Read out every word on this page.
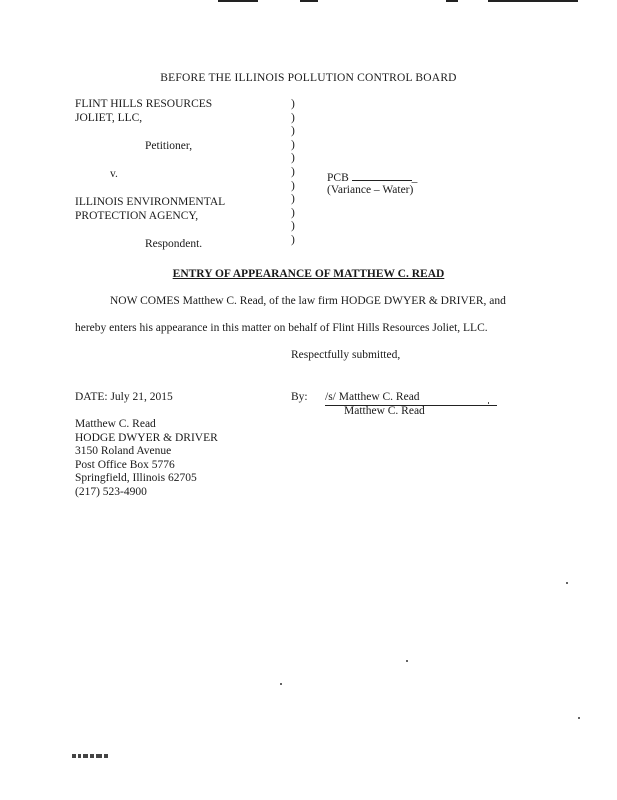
BEFORE THE ILLINOIS POLLUTION CONTROL BOARD
FLINT HILLS RESOURCES
JOLIET, LLC,
Petitioner,
v.
ILLINOIS ENVIRONMENTAL
PROTECTION AGENCY,
Respondent.
)
)
)
)
)
)
)
)
)
)
)
PCB	_
(Variance – Water)
ENTRY OF APPEARANCE OF MATTHEW C. READ
NOW COMES Matthew C. Read, of the law firm HODGE DWYER & DRIVER, and
hereby enters his appearance in this matter on behalf of Flint Hills Resources Joliet, LLC.
Respectfully submitted,
DATE: July 21, 2015	By: /s/ Matthew C. Read
Matthew C. Read
Matthew C. Read
HODGE DWYER & DRIVER
3150 Roland Avenue
Post Office Box 5776
Springfield, Illinois 62705
(217) 523-4900
